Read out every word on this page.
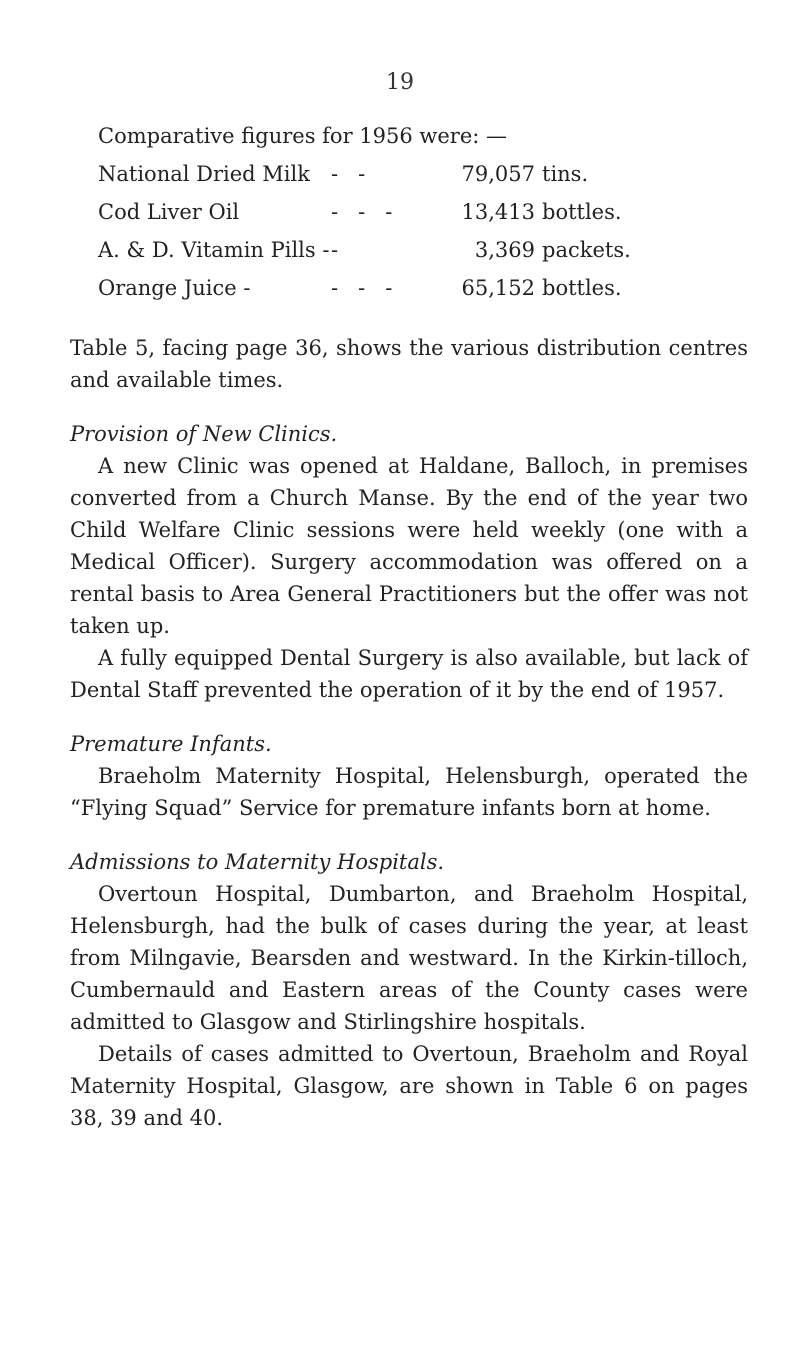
19

Comparative figures for 1956 were: —

National Dried Milk	-   -	79,057 tins.
Cod Liver Oil	-   -   -	13,413 bottles.
A. & D. Vitamin Pills - -	3,369 packets.
Orange Juice -	-   -   -	65,152 bottles.

Table 5, facing page 36, shows the various distribution centres and available times.

Provision of New Clinics.

A new Clinic was opened at Haldane, Balloch, in premises converted from a Church Manse. By the end of the year two Child Welfare Clinic sessions were held weekly (one with a Medical Officer). Surgery accommodation was offered on a rental basis to Area General Practitioners but the offer was not taken up.

A fully equipped Dental Surgery is also available, but lack of Dental Staff prevented the operation of it by the end of 1957.

Premature Infants.

Braeholm Maternity Hospital, Helensburgh, operated the “Flying Squad” Service for premature infants born at home.

Admissions to Maternity Hospitals.

Overtoun Hospital, Dumbarton, and Braeholm Hospital, Helensburgh, had the bulk of cases during the year, at least from Milngavie, Bearsden and westward. In the Kirkin-tilloch, Cumbernauld and Eastern areas of the County cases were admitted to Glasgow and Stirlingshire hospitals.

Details of cases admitted to Overtoun, Braeholm and Royal Maternity Hospital, Glasgow, are shown in Table 6 on pages 38, 39 and 40.
